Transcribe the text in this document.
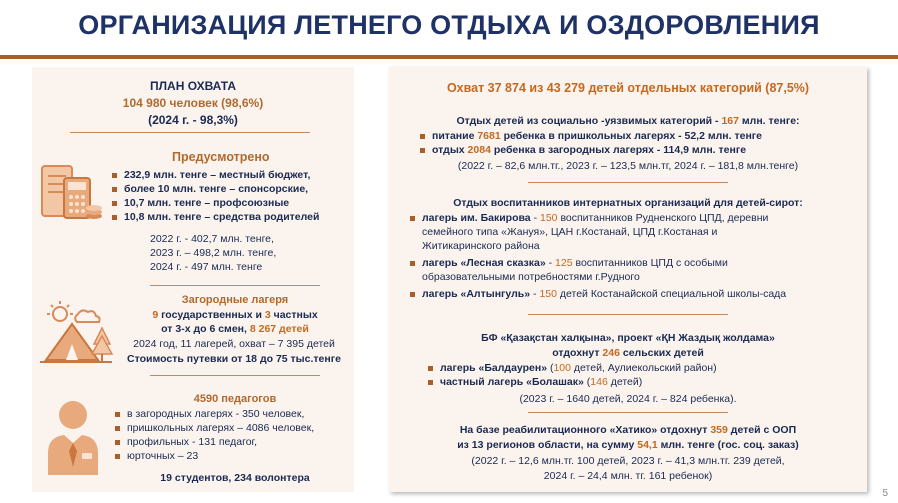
ОРГАНИЗАЦИЯ ЛЕТНЕГО ОТДЫХА И ОЗДОРОВЛЕНИЯ
ПЛАН ОХВАТА
104 980 человек (98,6%)
(2024 г. - 98,3%)
Предусмотрено
232,9 млн. тенге – местный бюджет,
более 10 млн. тенге – спонсорские,
10,7 млн. тенге – профсоюзные
10,8 млн. тенге – средства родителей
2022 г. - 402,7 млн. тенге,
2023 г. – 498,2 млн. тенге,
2024 г. - 497 млн. тенге
Загородные лагеря
9 государственных и 3 частных
от 3-х до 6 смен, 8 267 детей
2024 год, 11 лагерей, охват – 7 395 детей
Стоимость путевки от 18 до 75 тыс.тенге
4590 педагогов
в загородных лагерях - 350 человек,
пришкольных лагерях – 4086 человек,
профильных - 131 педагог,
юрточных – 23
19 студентов, 234 волонтера
Охват 37 874 из 43 279 детей отдельных категорий (87,5%)
Отдых детей из социально -уязвимых категорий - 167 млн. тенге:
питание 7681 ребенка в пришкольных лагерях - 52,2 млн. тенге
отдых 2084 ребенка в загородных лагерях - 114,9 млн. тенге
(2022 г. – 82,6 млн.тг., 2023 г. – 123,5 млн.тг, 2024 г. – 181,8 млн.тенге)
Отдых воспитанников интернатных организаций для детей-сирот:
лагерь им. Бакирова - 150 воспитанников Рудненского ЦПД, деревни
семейного типа «Жануя», ЦАН г.Костанай, ЦПД г.Костаная и
Житикаринского района
лагерь «Лесная сказка» - 125 воспитанников ЦПД с особыми
образовательными потребностями г.Рудного
лагерь «Алтынгуль» - 150 детей Костанайской специальной школы-сада
БФ «Қазақстан халқына», проект «ҚН Жаздық жолдама»
отдохнут 246 сельских детей
лагерь «Балдаурен» (100 детей, Аулиекольский район)
частный лагерь «Болашак» (146 детей)
(2023 г. – 1640 детей, 2024 г. – 824 ребенка).
На базе реабилитационного «Хатико» отдохнут 359 детей с ООП
из 13 регионов области, на сумму 54,1 млн. тенге (гос. соц. заказ)
(2022 г. – 12,6 млн.тг. 100 детей, 2023 г. – 41,3 млн.тг. 239 детей,
2024 г. – 24,4 млн. тг. 161 ребенок)
5
